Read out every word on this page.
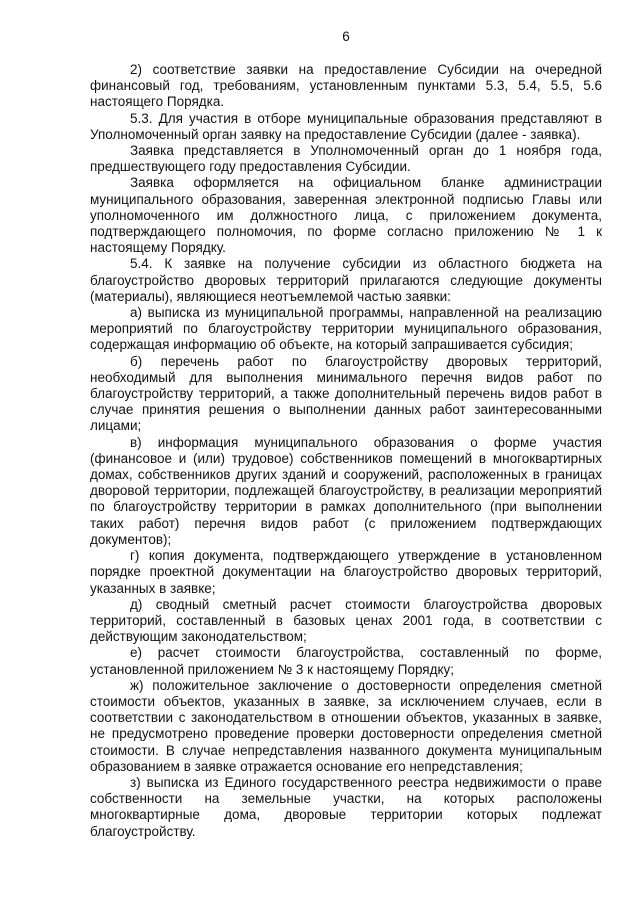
6

2) соответствие заявки на предоставление Субсидии на очередной финансовый год, требованиям, установленным пунктами 5.3, 5.4, 5.5, 5.6 настоящего Порядка.

5.3. Для участия в отборе муниципальные образования представляют в Уполномоченный орган заявку на предоставление Субсидии (далее - заявка).

Заявка представляется в Уполномоченный орган до 1 ноября года, предшествующего году предоставления Субсидии.

Заявка оформляется на официальном бланке администрации муниципального образования, заверенная электронной подписью Главы или уполномоченного им должностного лица, с приложением документа, подтверждающего полномочия, по форме согласно приложению № 1 к настоящему Порядку.

5.4. К заявке на получение субсидии из областного бюджета на благоустройство дворовых территорий прилагаются следующие документы (материалы), являющиеся неотъемлемой частью заявки:

а) выписка из муниципальной программы, направленной на реализацию мероприятий по благоустройству территории муниципального образования, содержащая информацию об объекте, на который запрашивается субсидия;

б) перечень работ по благоустройству дворовых территорий, необходимый для выполнения минимального перечня видов работ по благоустройству территорий, а также дополнительный перечень видов работ в случае принятия решения о выполнении данных работ заинтересованными лицами;

в) информация муниципального образования о форме участия (финансовое и (или) трудовое) собственников помещений в многоквартирных домах, собственников других зданий и сооружений, расположенных в границах дворовой территории, подлежащей благоустройству, в реализации мероприятий по благоустройству территории в рамках дополнительного (при выполнении таких работ) перечня видов работ (с приложением подтверждающих документов);

г) копия документа, подтверждающего утверждение в установленном порядке проектной документации на благоустройство дворовых территорий, указанных в заявке;

д) сводный сметный расчет стоимости благоустройства дворовых территорий, составленный в базовых ценах 2001 года, в соответствии с действующим законодательством;

е) расчет стоимости благоустройства, составленный по форме, установленной приложением № 3 к настоящему Порядку;

ж) положительное заключение о достоверности определения сметной стоимости объектов, указанных в заявке, за исключением случаев, если в соответствии с законодательством в отношении объектов, указанных в заявке, не предусмотрено проведение проверки достоверности определения сметной стоимости. В случае непредставления названного документа муниципальным образованием в заявке отражается основание его непредставления;

з) выписка из Единого государственного реестра недвижимости о праве собственности на земельные участки, на которых расположены многоквартирные дома, дворовые территории которых подлежат благоустройству.
